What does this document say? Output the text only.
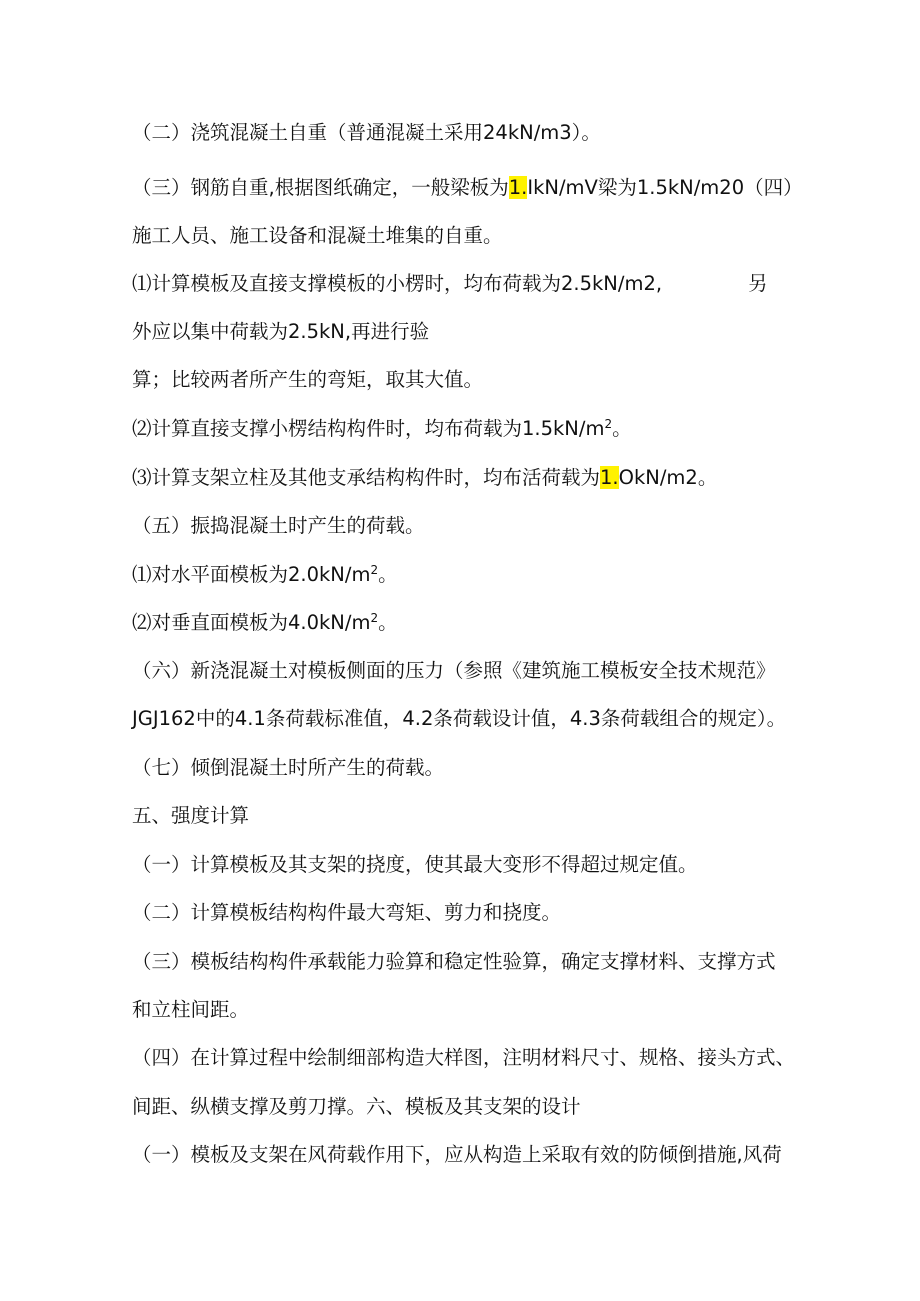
（二）浇筑混凝土自重（普通混凝土采用24kN∕m3）。
（三）钢筋自重,根据图纸确定，一般梁板为1.IkN/mV梁为1.5kN∕m20（四）
施工人员、施工设备和混凝土堆集的自重。
⑴计算模板及直接支撑模板的小楞时，均布荷载为2.5kN∕m2,	另
外应以集中荷载为2.5kN,再进行验
算；比较两者所产生的弯矩，取其大值。
⑵计算直接支撑小楞结构构件时，均布荷载为$1.5kN∕m^2$。
⑶计算支架立柱及其他支承结构构件时，均布活荷载为1.OkN/m2。
（五）振捣混凝土时产生的荷载。
⑴对水平面模板为$2.0kN∕m^2$。
⑵对垂直面模板为$4.0kN∕m^2$。
（六）新浇混凝土对模板侧面的压力（参照《建筑施工模板安全技术规范》
JGJ162中的4.1条荷载标准值，4.2条荷载设计值，4.3条荷载组合的规定）。
（七）倾倒混凝土时所产生的荷载。
五、强度计算
（一）计算模板及其支架的挠度，使其最大变形不得超过规定值。
（二）计算模板结构构件最大弯矩、剪力和挠度。
（三）模板结构构件承载能力验算和稳定性验算，确定支撑材料、支撑方式
和立柱间距。
（四）在计算过程中绘制细部构造大样图，注明材料尺寸、规格、接头方式、
间距、纵横支撑及剪刀撑。六、模板及其支架的设计
（一）模板及支架在风荷载作用下，应从构造上采取有效的防倾倒措施,风荷
